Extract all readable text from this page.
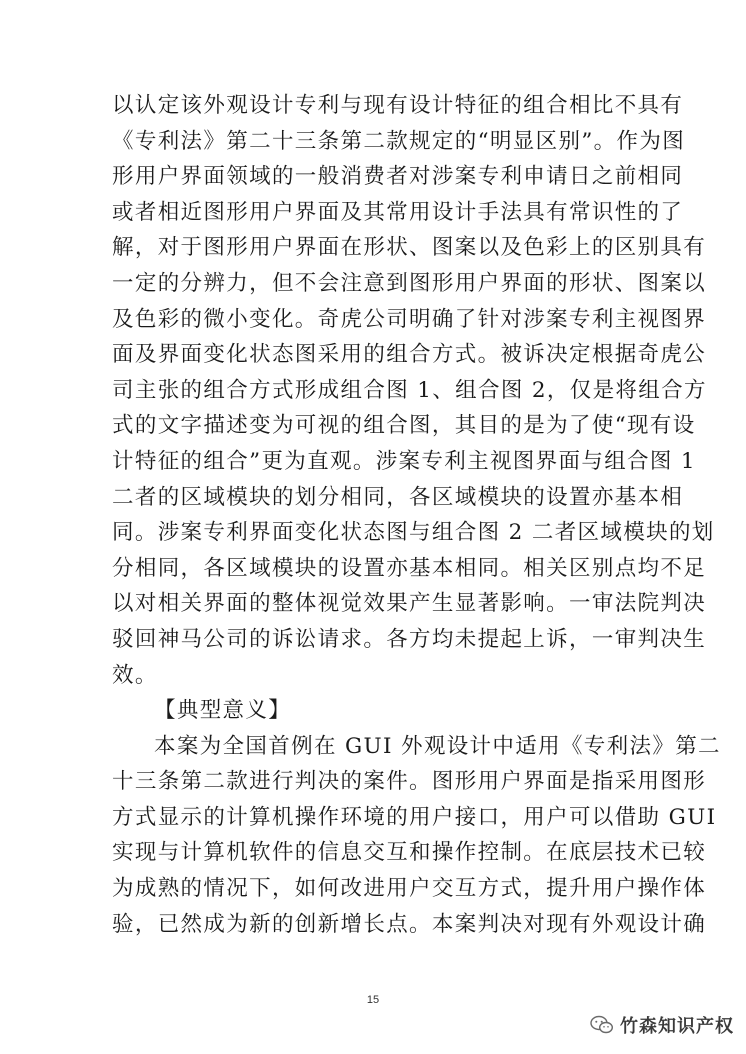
以认定该外观设计专利与现有设计特征的组合相比不具有
《专利法》第二十三条第二款规定的“明显区别”。作为图
形用户界面领域的一般消费者对涉案专利申请日之前相同
或者相近图形用户界面及其常用设计手法具有常识性的了
解，对于图形用户界面在形状、图案以及色彩上的区别具有
一定的分辨力，但不会注意到图形用户界面的形状、图案以
及色彩的微小变化。奇虎公司明确了针对涉案专利主视图界
面及界面变化状态图采用的组合方式。被诉决定根据奇虎公
司主张的组合方式形成组合图 1、组合图 2，仅是将组合方
式的文字描述变为可视的组合图，其目的是为了使“现有设
计特征的组合”更为直观。涉案专利主视图界面与组合图 1
二者的区域模块的划分相同，各区域模块的设置亦基本相
同。涉案专利界面变化状态图与组合图 2 二者区域模块的划
分相同，各区域模块的设置亦基本相同。相关区别点均不足
以对相关界面的整体视觉效果产生显著影响。一审法院判决
驳回神马公司的诉讼请求。各方均未提起上诉，一审判决生
效。
【典型意义】
本案为全国首例在 GUI 外观设计中适用《专利法》第二
十三条第二款进行判决的案件。图形用户界面是指采用图形
方式显示的计算机操作环境的用户接口，用户可以借助 GUI
实现与计算机软件的信息交互和操作控制。在底层技术已较
为成熟的情况下，如何改进用户交互方式，提升用户操作体
验，已然成为新的创新增长点。本案判决对现有外观设计确
15
竹森知识产权
